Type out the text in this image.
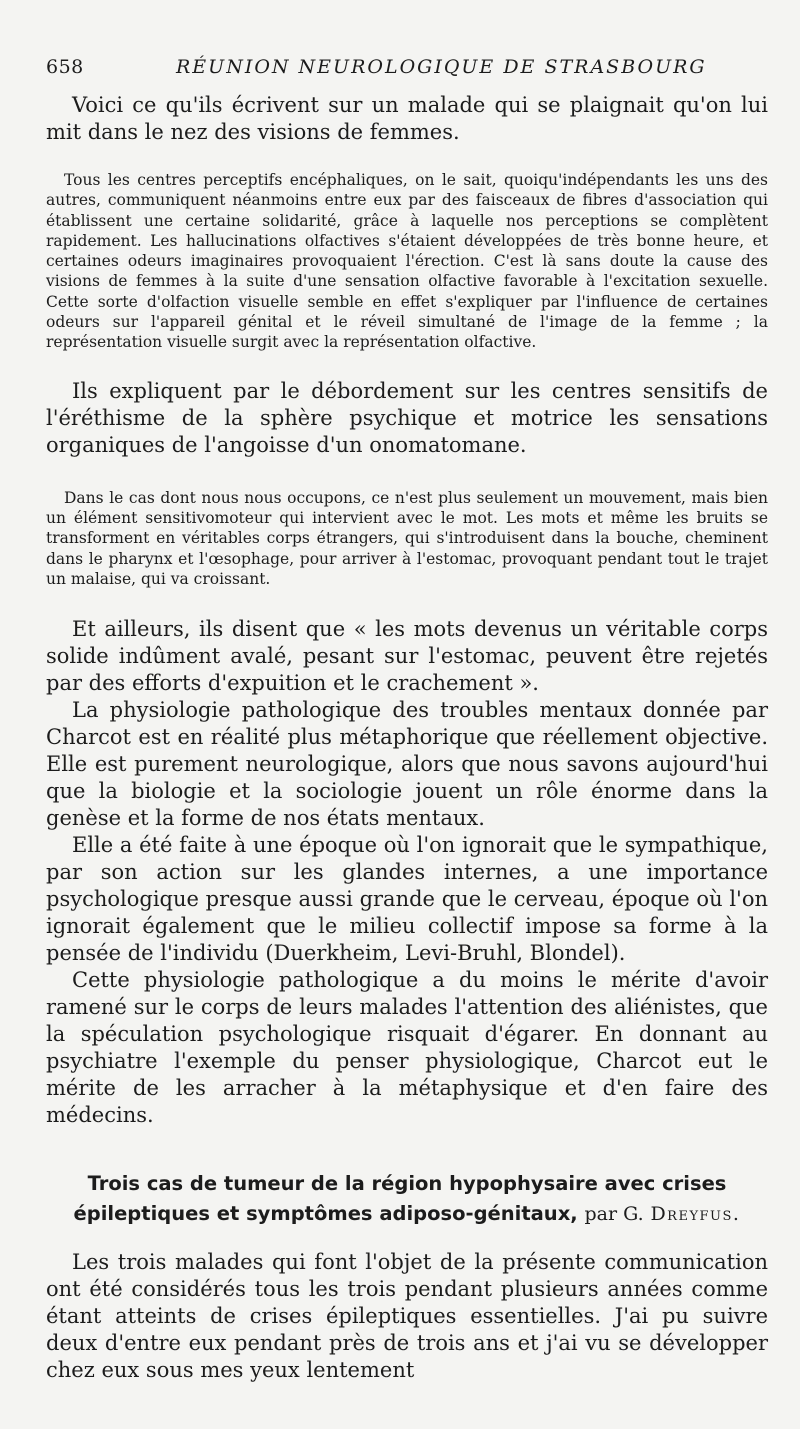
658	RÉUNION NEUROLOGIQUE DE STRASBOURG

Voici ce qu'ils écrivent sur un malade qui se plaignait qu'on lui mit dans le nez des visions de femmes.

Tous les centres perceptifs encéphaliques, on le sait, quoiqu'indépendants les uns des autres, communiquent néanmoins entre eux par des faisceaux de fibres d'association qui établissent une certaine solidarité, grâce à laquelle nos perceptions se complètent rapidement. Les hallucinations olfactives s'étaient développées de très bonne heure, et certaines odeurs imaginaires provoquaient l'érection. C'est là sans doute la cause des visions de femmes à la suite d'une sensation olfactive favorable à l'excitation sexuelle. Cette sorte d'olfaction visuelle semble en effet s'expliquer par l'influence de certaines odeurs sur l'appareil génital et le réveil simultané de l'image de la femme ; la représentation visuelle surgit avec la représentation olfactive.

Ils expliquent par le débordement sur les centres sensitifs de l'éréthisme de la sphère psychique et motrice les sensations organiques de l'angoisse d'un onomatomane.

Dans le cas dont nous nous occupons, ce n'est plus seulement un mouvement, mais bien un élément sensitivomoteur qui intervient avec le mot. Les mots et même les bruits se transforment en véritables corps étrangers, qui s'introduisent dans la bouche, cheminent dans le pharynx et l'œsophage, pour arriver à l'estomac, provoquant pendant tout le trajet un malaise, qui va croissant.

Et ailleurs, ils disent que « les mots devenus un véritable corps solide indûment avalé, pesant sur l'estomac, peuvent être rejetés par des efforts d'expuition et le crachement ».

La physiologie pathologique des troubles mentaux donnée par Charcot est en réalité plus métaphorique que réellement objective. Elle est purement neurologique, alors que nous savons aujourd'hui que la biologie et la sociologie jouent un rôle énorme dans la genèse et la forme de nos états mentaux.

Elle a été faite à une époque où l'on ignorait que le sympathique, par son action sur les glandes internes, a une importance psychologique presque aussi grande que le cerveau, époque où l'on ignorait également que le milieu collectif impose sa forme à la pensée de l'individu (Duerkheim, Levi-Bruhl, Blondel).

Cette physiologie pathologique a du moins le mérite d'avoir ramené sur le corps de leurs malades l'attention des aliénistes, que la spéculation psychologique risquait d'égarer. En donnant au psychiatre l'exemple du penser physiologique, Charcot eut le mérite de les arracher à la métaphysique et d'en faire des médecins.

Trois cas de tumeur de la région hypophysaire avec crises épileptiques et symptômes adiposo-génitaux, par G. Dreyfus.

Les trois malades qui font l'objet de la présente communication ont été considérés tous les trois pendant plusieurs années comme étant atteints de crises épileptiques essentielles. J'ai pu suivre deux d'entre eux pendant près de trois ans et j'ai vu se développer chez eux sous mes yeux lentement
